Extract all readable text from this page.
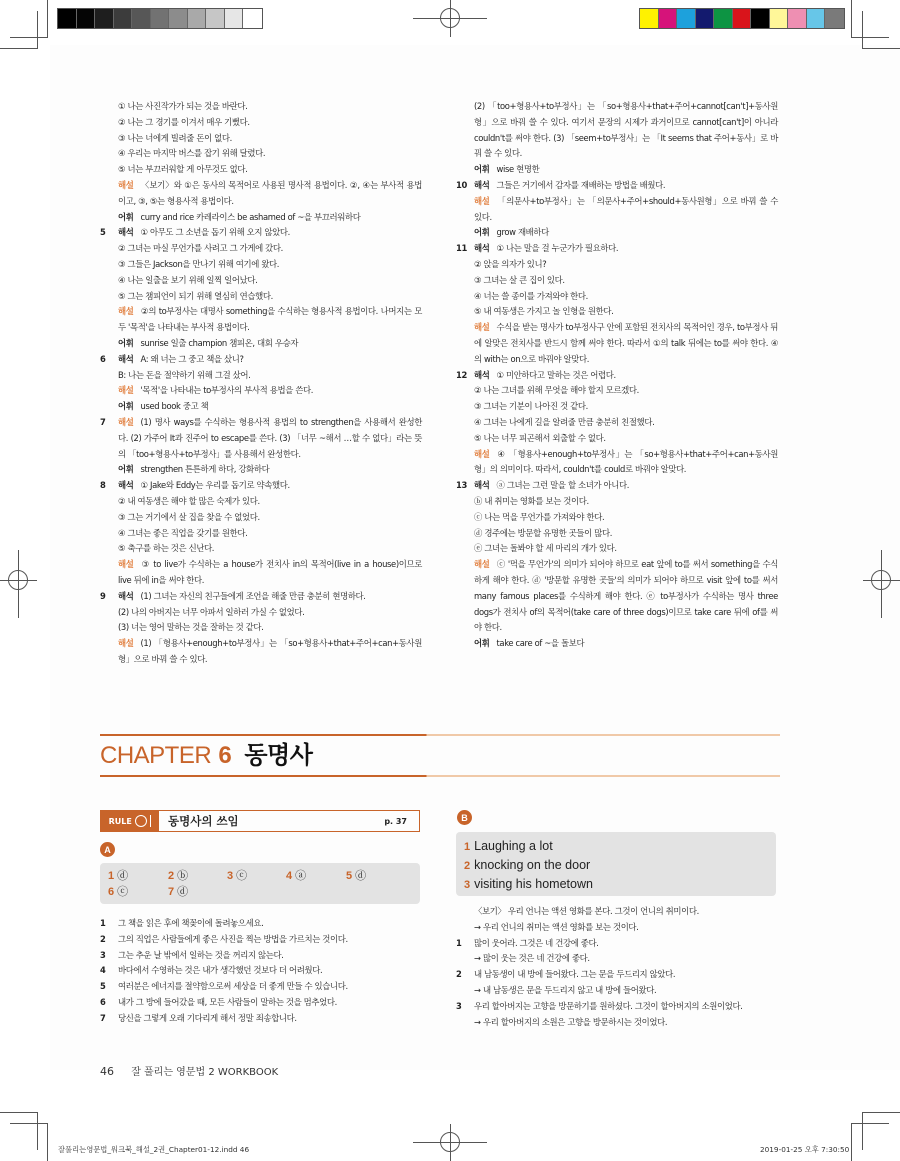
① 나는 사진작가가 되는 것을 바란다.
② 나는 그 경기를 이겨서 매우 기뻤다.
③ 나는 너에게 빌려줄 돈이 없다.
④ 우리는 마지막 버스를 잡기 위해 달렸다.
⑤ 너는 부끄러워할 게 아무것도 없다.
해설 〈보기〉와 ①은 동사의 목적어로 사용된 명사적 용법이다. ②, ④는 부사적 용법이고, ③, ⑤는 형용사적 용법이다.
어휘 curry and rice 카레라이스 be ashamed of ~을 부끄러워하다
5	해석 ① 아무도 그 소년을 돕기 위해 오지 않았다.
② 그녀는 마실 무언가를 사려고 그 가게에 갔다.
③ 그들은 Jackson을 만나기 위해 여기에 왔다.
④ 나는 일출을 보기 위해 일찍 일어났다.
⑤ 그는 챔피언이 되기 위해 열심히 연습했다.
해설 ②의 to부정사는 대명사 something을 수식하는 형용사적 용법이다. 나머지는 모두 '목적'을 나타내는 부사적 용법이다.
어휘 sunrise 일출 champion 챔피온, 대회 우승자
6	해석 A: 왜 너는 그 중고 책을 샀니?
B: 나는 돈을 절약하기 위해 그걸 샀어.
해설 '목적'을 나타내는 to부정사의 부사적 용법을 쓴다.
어휘 used book 중고 책
7	해설 (1) 명사 ways를 수식하는 형용사적 용법의 to strengthen을 사용해서 완성한다. (2) 가주어 It과 진주어 to escape를 쓴다. (3) 「너무 ~해서 …할 수 없다」라는 뜻의 「too+형용사+to부정사」를 사용해서 완성한다.
어휘 strengthen 튼튼하게 하다, 강화하다
8	해석 ① Jake와 Eddy는 우리를 돕기로 약속했다.
② 내 여동생은 해야 할 많은 숙제가 있다.
③ 그는 거기에서 살 집을 찾을 수 없었다.
④ 그녀는 좋은 직업을 갖기를 원한다.
⑤ 축구를 하는 것은 신난다.
해설 ③ to live가 수식하는 a house가 전치사 in의 목적어(live in a house)이므로 live 뒤에 in을 써야 한다.
9	해석 (1) 그녀는 자신의 친구들에게 조언을 해줄 만큼 충분히 현명하다.
(2) 나의 아버지는 너무 아파서 일하러 가실 수 없었다.
(3) 너는 영어 말하는 것을 잘하는 것 같다.
해설 (1) 「형용사+enough+to부정사」는 「so+형용사+that+주어+can+동사원형」으로 바꿔 쓸 수 있다.
(2) 「too+형용사+to부정사」는 「so+형용사+that+주어+cannot[can't]+동사원형」으로 바꿔 쓸 수 있다. 여기서 문장의 시제가 과거이므로 cannot[can't]이 아니라 couldn't를 써야 한다. (3) 「seem+to부정사」는 「It seems that 주어+동사」로 바꿔 쓸 수 있다.
어휘 wise 현명한
10 해석 그들은 거기에서 감자를 재배하는 방법을 배웠다.
해설 「의문사+to부정사」는 「의문사+주어+should+동사원형」으로 바꿔 쓸 수 있다.
어휘 grow 재배하다
11 해석 ① 나는 말을 걸 누군가가 필요하다.
② 앉을 의자가 있니?
③ 그녀는 살 큰 집이 있다.
④ 너는 쓸 종이를 가져와야 한다.
⑤ 내 여동생은 가지고 놀 인형을 원한다.
해설 수식을 받는 명사가 to부정사구 안에 포함된 전치사의 목적어인 경우, to부정사 뒤에 알맞은 전치사를 반드시 함께 써야 한다. 따라서 ①의 talk 뒤에는 to를 써야 한다. ④의 with는 on으로 바꿔야 알맞다.
12 해석 ① 미안하다고 말하는 것은 어렵다.
② 나는 그녀를 위해 무엇을 해야 할지 모르겠다.
③ 그녀는 기분이 나아진 것 같다.
④ 그녀는 나에게 길을 알려줄 만큼 충분히 친절했다.
⑤ 나는 너무 피곤해서 외출할 수 없다.
해설 ④ 「형용사+enough+to부정사」는 「so+형용사+that+주어+can+동사원형」의 의미이다. 따라서, couldn't를 could로 바꿔야 알맞다.
13 해석 ⓐ 그녀는 그런 말을 할 소녀가 아니다.
ⓑ 내 취미는 영화를 보는 것이다.
ⓒ 나는 먹을 무언가를 가져와야 한다.
ⓓ 경주에는 방문할 유명한 곳들이 많다.
ⓔ 그녀는 돌봐야 할 세 마리의 개가 있다.
해설 ⓒ '먹을 무언가'의 의미가 되어야 하므로 eat 앞에 to를 써서 something을 수식하게 해야 한다. ⓓ '방문할 유명한 곳들'의 의미가 되어야 하므로 visit 앞에 to를 써서 many famous places를 수식하게 해야 한다. ⓔ to부정사가 수식하는 명사 three dogs가 전치사 of의 목적어(take care of three dogs)이므로 take care 뒤에 of를 써야 한다.
어휘 take care of ~을 돌보다
CHAPTER 6 동명사
RULE	동명사의 쓰임	p. 37
A
1 ⓓ	2 ⓑ	3 ⓒ	4 ⓐ	5 ⓓ
6 ⓒ	7 ⓓ
1	그 책을 읽은 후에 책꽂이에 돌려놓으세요.
2	그의 직업은 사람들에게 좋은 사진을 찍는 방법을 가르치는 것이다.
3	그는 추운 날 밖에서 일하는 것을 꺼리지 않는다.
4	바다에서 수영하는 것은 내가 생각했던 것보다 더 어려웠다.
5	여러분은 에너지를 절약함으로써 세상을 더 좋게 만들 수 있습니다.
6	내가 그 방에 들어갔을 때, 모든 사람들이 말하는 것을 멈추었다.
7	당신을 그렇게 오래 기다리게 해서 정말 죄송합니다.
B
1 Laughing a lot
2 knocking on the door
3 visiting his hometown
〈보기〉 우리 언니는 액션 영화를 본다. 그것이 언니의 취미이다.
→ 우리 언니의 취미는 액션 영화를 보는 것이다.
1	많이 웃어라. 그것은 네 건강에 좋다.
→ 많이 웃는 것은 네 건강에 좋다.
2	내 남동생이 내 방에 들어왔다. 그는 문을 두드리지 않았다.
→ 내 남동생은 문을 두드리지 않고 내 방에 들어왔다.
3	우리 할아버지는 고향을 방문하기를 원하셨다. 그것이 할아버지의 소원이었다.
→ 우리 할아버지의 소원은 고향을 방문하시는 것이었다.
46 잘 풀리는 영문법 2 WORKBOOK
잘풀리는영문법_워크북_해설_2권_Chapter01-12.indd 46	2019-01-25 오후 7:30:50
